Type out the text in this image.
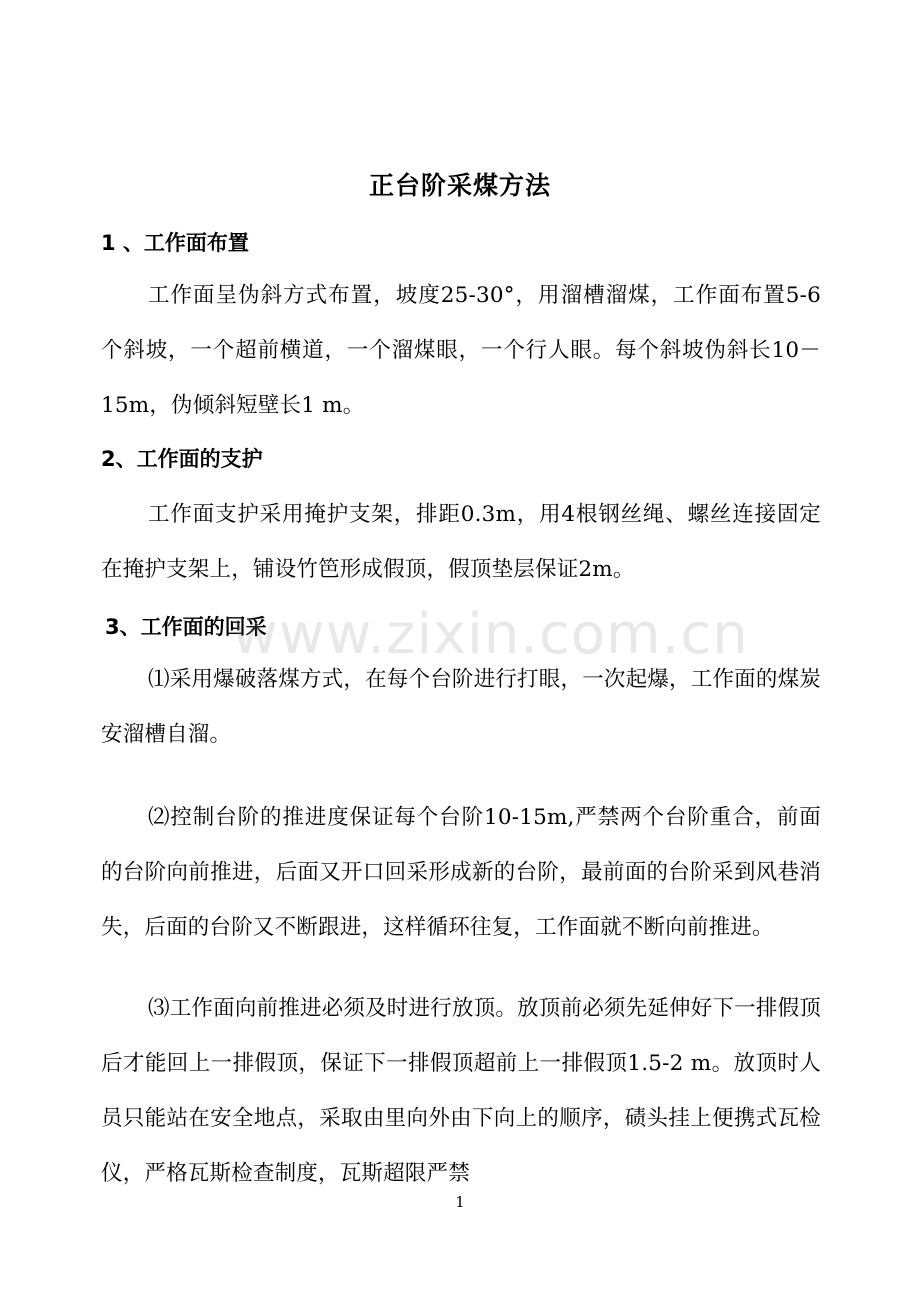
正台阶采煤方法
1 、工作面布置
工作面呈伪斜方式布置，坡度25-30°，用溜槽溜煤，工作面布置5-6个斜坡，一个超前横道，一个溜煤眼，一个行人眼。每个斜坡伪斜长10－15m，伪倾斜短壁长1 m。
2、工作面的支护
工作面支护采用掩护支架，排距0.3m，用4根钢丝绳、螺丝连接固定在掩护支架上，铺设竹笆形成假顶，假顶垫层保证2m。
3、工作面的回采
⑴采用爆破落煤方式，在每个台阶进行打眼，一次起爆，工作面的煤炭安溜槽自溜。
⑵控制台阶的推进度保证每个台阶10-15m,严禁两个台阶重合，前面的台阶向前推进，后面又开口回采形成新的台阶，最前面的台阶采到风巷消失，后面的台阶又不断跟进，这样循环往复，工作面就不断向前推进。
⑶工作面向前推进必须及时进行放顶。放顶前必须先延伸好下一排假顶后才能回上一排假顶，保证下一排假顶超前上一排假顶1.5-2 m。放顶时人员只能站在安全地点，采取由里向外由下向上的顺序，碛头挂上便携式瓦检仪，严格瓦斯检查制度，瓦斯超限严禁
www.zixin.com.cn
1
